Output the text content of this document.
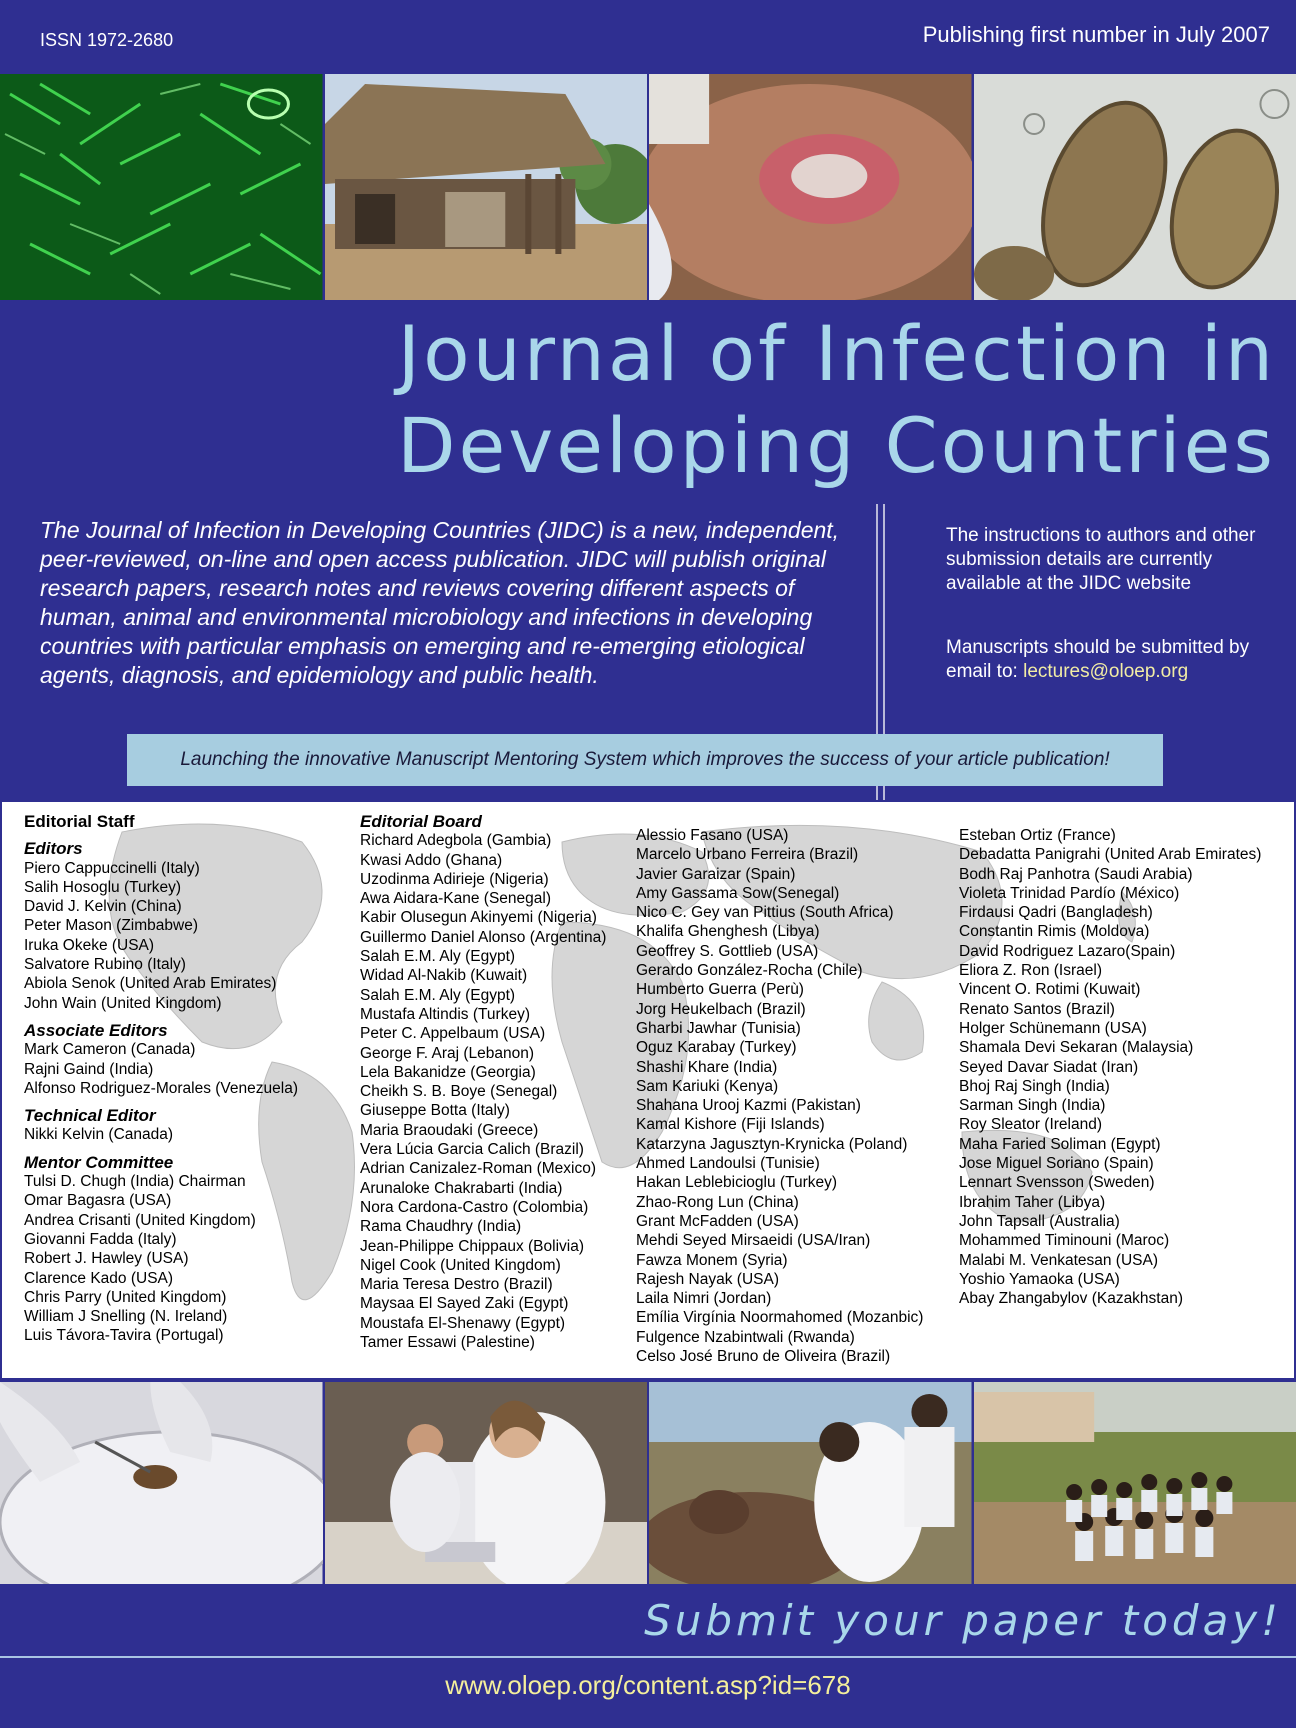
ISSN 1972-2680	Publishing first number in July 2007
Journal of Infection in
Developing Countries
The Journal of Infection in Developing Countries (JIDC) is a new, independent, peer-reviewed, on-line and open access publication. JIDC will publish original research papers, research notes and reviews covering different aspects of human, animal and environmental microbiology and infections in developing countries with particular emphasis on emerging and re-emerging etiological agents, diagnosis, and epidemiology and public health.
The instructions to authors and other submission details are currently available at the JIDC website
Manuscripts should be submitted by email to: lectures@oloep.org
Launching the innovative Manuscript Mentoring System which improves the success of your article publication!
Editorial Staff
Editors
Piero Cappuccinelli (Italy)
Salih Hosoglu (Turkey)
David J. Kelvin (China)
Peter Mason (Zimbabwe)
Iruka Okeke (USA)
Salvatore Rubino (Italy)
Abiola Senok (United Arab Emirates)
John Wain (United Kingdom)
Associate Editors
Mark Cameron (Canada)
Rajni Gaind (India)
Alfonso Rodriguez-Morales (Venezuela)
Technical Editor
Nikki Kelvin (Canada)
Mentor Committee
Tulsi D. Chugh (India) Chairman
Omar Bagasra (USA)
Andrea Crisanti (United Kingdom)
Giovanni Fadda (Italy)
Robert J. Hawley (USA)
Clarence Kado (USA)
Chris Parry (United Kingdom)
William J Snelling (N. Ireland)
Luis Távora-Tavira (Portugal)
Editorial Board
Richard Adegbola (Gambia)
Kwasi Addo (Ghana)
Uzodinma Adirieje (Nigeria)
Awa Aidara-Kane (Senegal)
Kabir Olusegun Akinyemi (Nigeria)
Guillermo Daniel Alonso (Argentina)
Salah E.M. Aly (Egypt)
Widad Al-Nakib (Kuwait)
Salah E.M. Aly (Egypt)
Mustafa Altindis (Turkey)
Peter C. Appelbaum (USA)
George F. Araj (Lebanon)
Lela Bakanidze (Georgia)
Cheikh S. B. Boye (Senegal)
Giuseppe Botta (Italy)
Maria Braoudaki (Greece)
Vera Lúcia Garcia Calich (Brazil)
Adrian Canizalez-Roman (Mexico)
Arunaloke Chakrabarti (India)
Nora Cardona-Castro (Colombia)
Rama Chaudhry (India)
Jean-Philippe Chippaux (Bolivia)
Nigel Cook (United Kingdom)
Maria Teresa Destro (Brazil)
Maysaa El Sayed Zaki (Egypt)
Moustafa El-Shenawy (Egypt)
Tamer Essawi (Palestine)
Alessio Fasano (USA)
Marcelo Urbano Ferreira (Brazil)
Javier Garaizar (Spain)
Amy Gassama Sow(Senegal)
Nico C. Gey van Pittius (South Africa)
Khalifa Ghenghesh (Libya)
Geoffrey S. Gottlieb (USA)
Gerardo González-Rocha (Chile)
Humberto Guerra (Perù)
Jorg Heukelbach (Brazil)
Gharbi Jawhar (Tunisia)
Oguz Karabay (Turkey)
Shashi Khare (India)
Sam Kariuki (Kenya)
Shahana Urooj Kazmi (Pakistan)
Kamal Kishore (Fiji Islands)
Katarzyna Jagusztyn-Krynicka (Poland)
Ahmed Landoulsi (Tunisie)
Hakan Leblebicioglu (Turkey)
Zhao-Rong Lun (China)
Grant McFadden (USA)
Mehdi Seyed Mirsaeidi (USA/Iran)
Fawza Monem (Syria)
Rajesh Nayak (USA)
Laila Nimri (Jordan)
Emília Virgínia Noormahomed (Mozanbic)
Fulgence Nzabintwali (Rwanda)
Celso José Bruno de Oliveira (Brazil)
Esteban Ortiz (France)
Debadatta Panigrahi (United Arab Emirates)
Bodh Raj Panhotra (Saudi Arabia)
Violeta Trinidad Pardío (México)
Firdausi Qadri (Bangladesh)
Constantin Rimis (Moldova)
David Rodriguez Lazaro(Spain)
Eliora Z. Ron (Israel)
Vincent O. Rotimi (Kuwait)
Renato Santos (Brazil)
Holger Schünemann (USA)
Shamala Devi Sekaran (Malaysia)
Seyed Davar Siadat (Iran)
Bhoj Raj Singh (India)
Sarman Singh (India)
Roy Sleator (Ireland)
Maha Faried Soliman (Egypt)
Jose Miguel Soriano (Spain)
Lennart Svensson (Sweden)
Ibrahim Taher (Libya)
John Tapsall (Australia)
Mohammed Timinouni (Maroc)
Malabi M. Venkatesan (USA)
Yoshio Yamaoka (USA)
Abay Zhangabylov (Kazakhstan)
Submit your paper today!
www.oloep.org/content.asp?id=678
